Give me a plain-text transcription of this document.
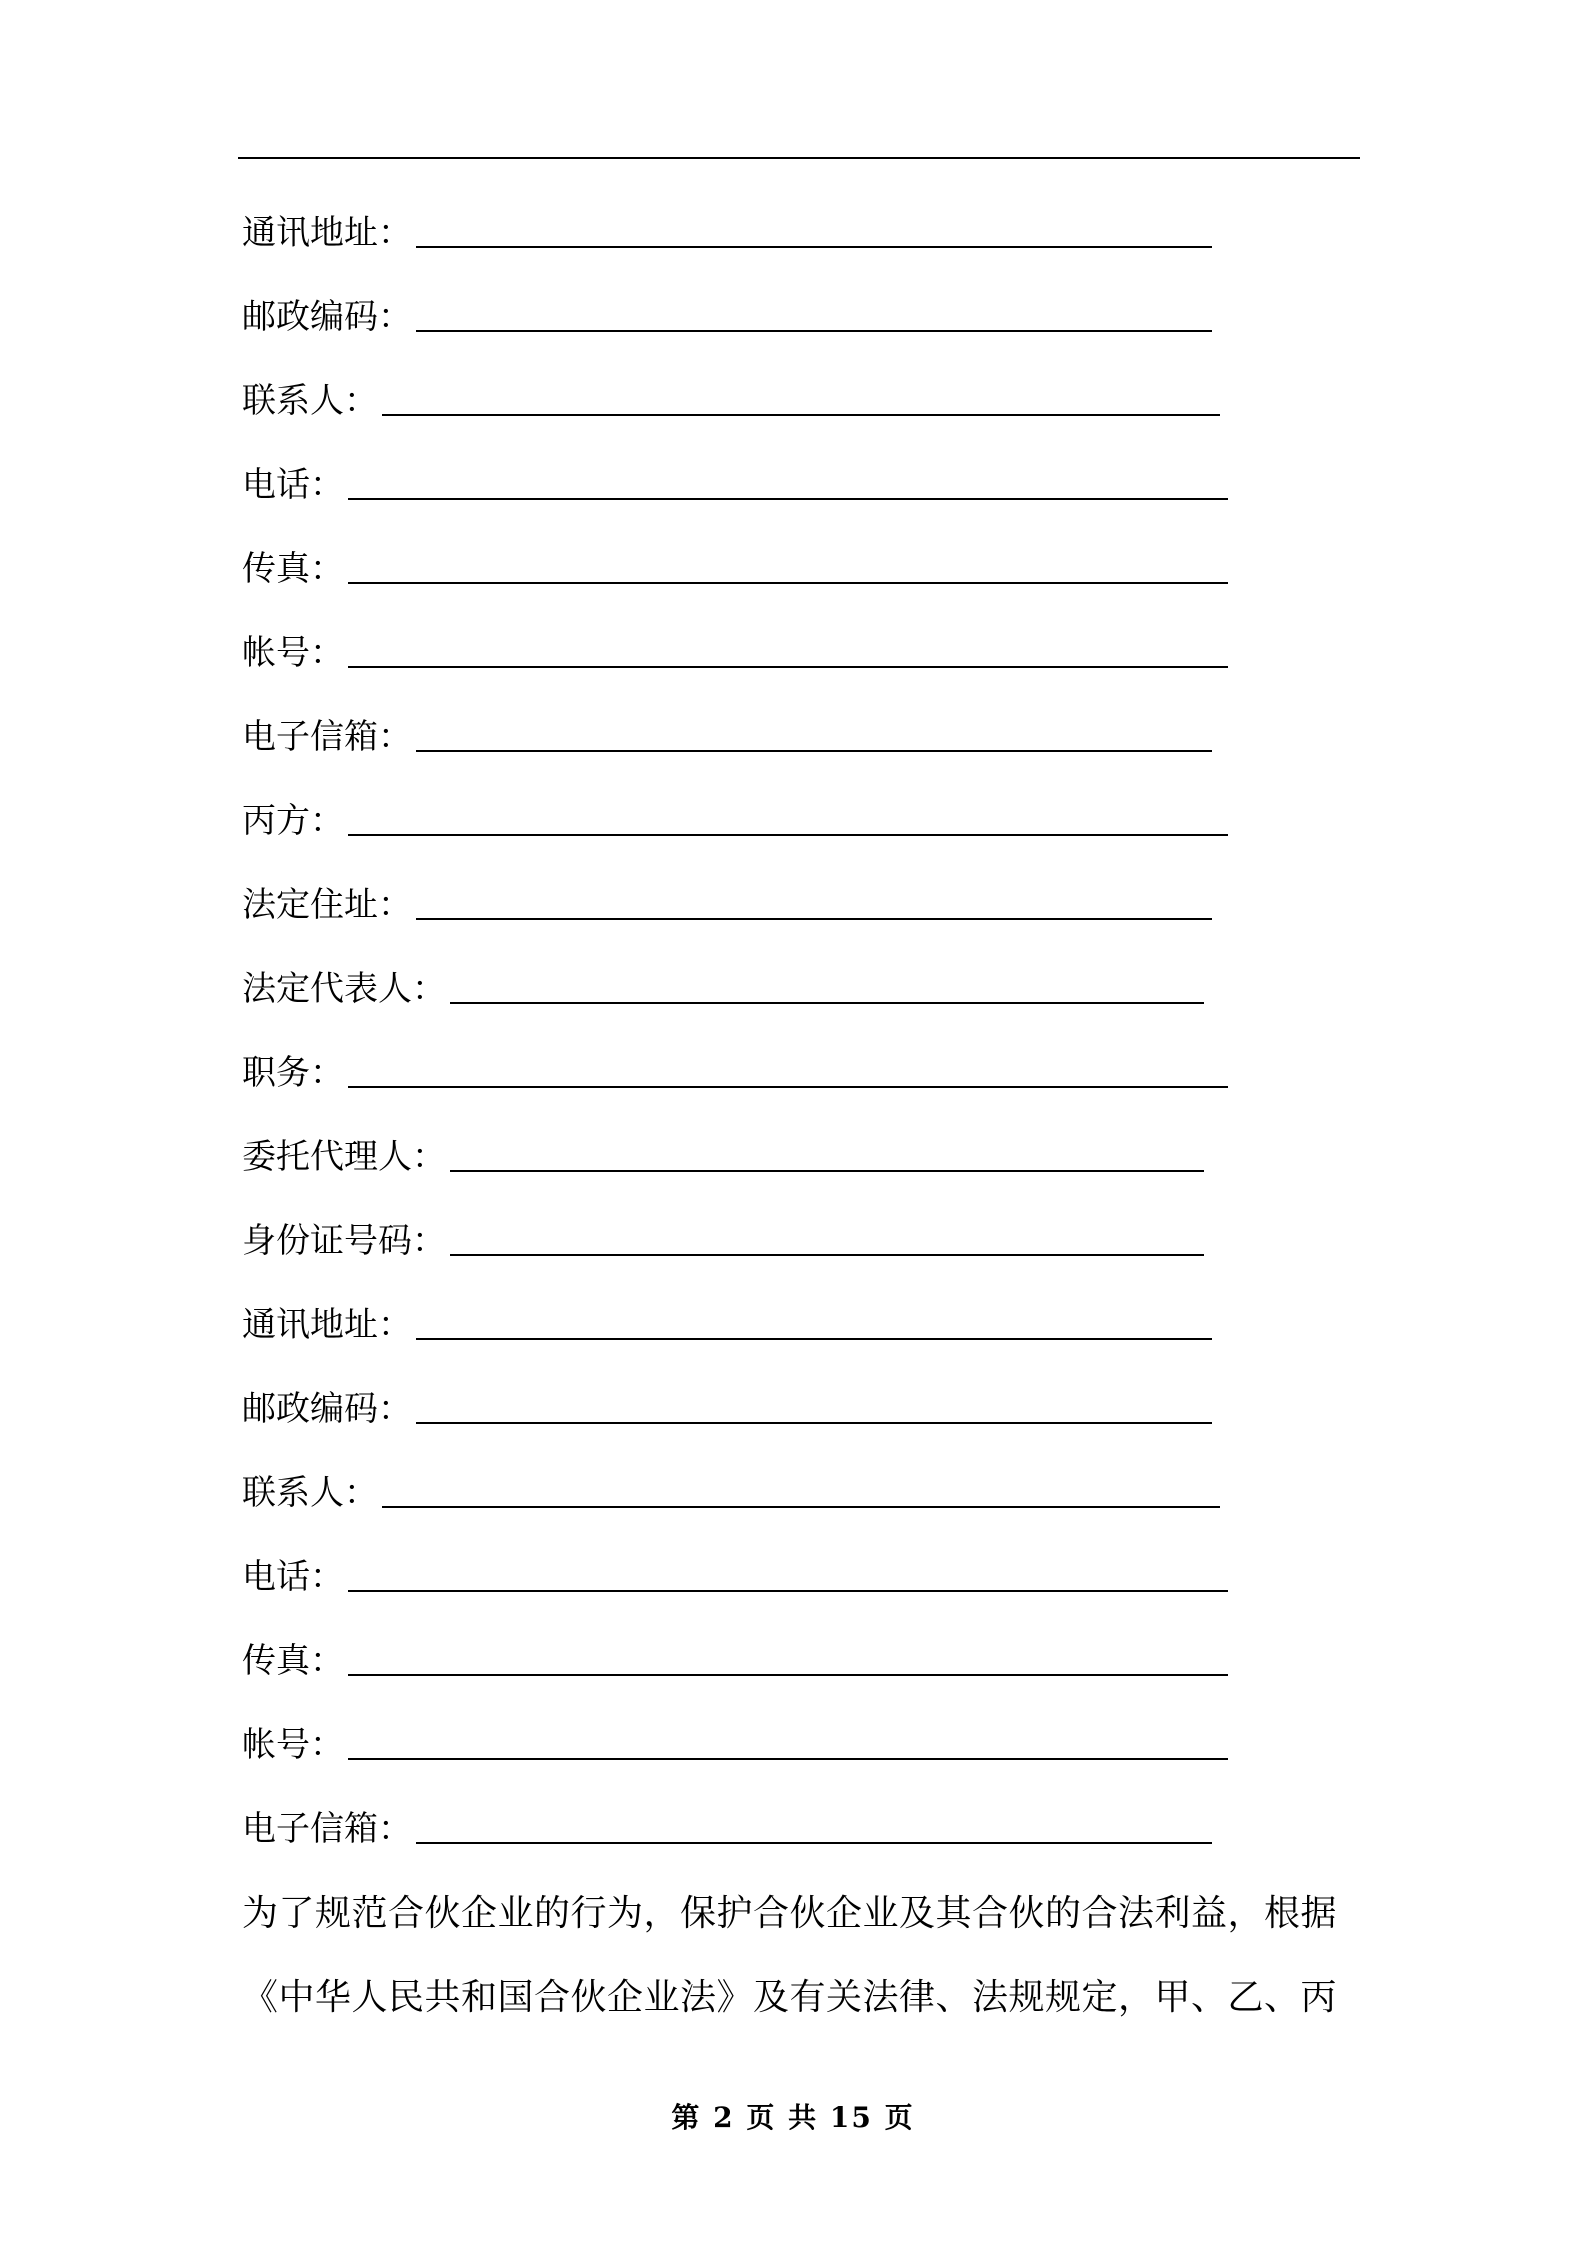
通讯地址：
邮政编码：
联系人：
电话：
传真：
帐号：
电子信箱：
丙方：
法定住址：
法定代表人：
职务：
委托代理人：
身份证号码：
通讯地址：
邮政编码：
联系人：
电话：
传真：
帐号：
电子信箱：
为了规范合伙企业的行为，保护合伙企业及其合伙的合法利益，根据
《中华人民共和国合伙企业法》及有关法律、法规规定，甲、乙、丙
第 2 页 共 15 页
